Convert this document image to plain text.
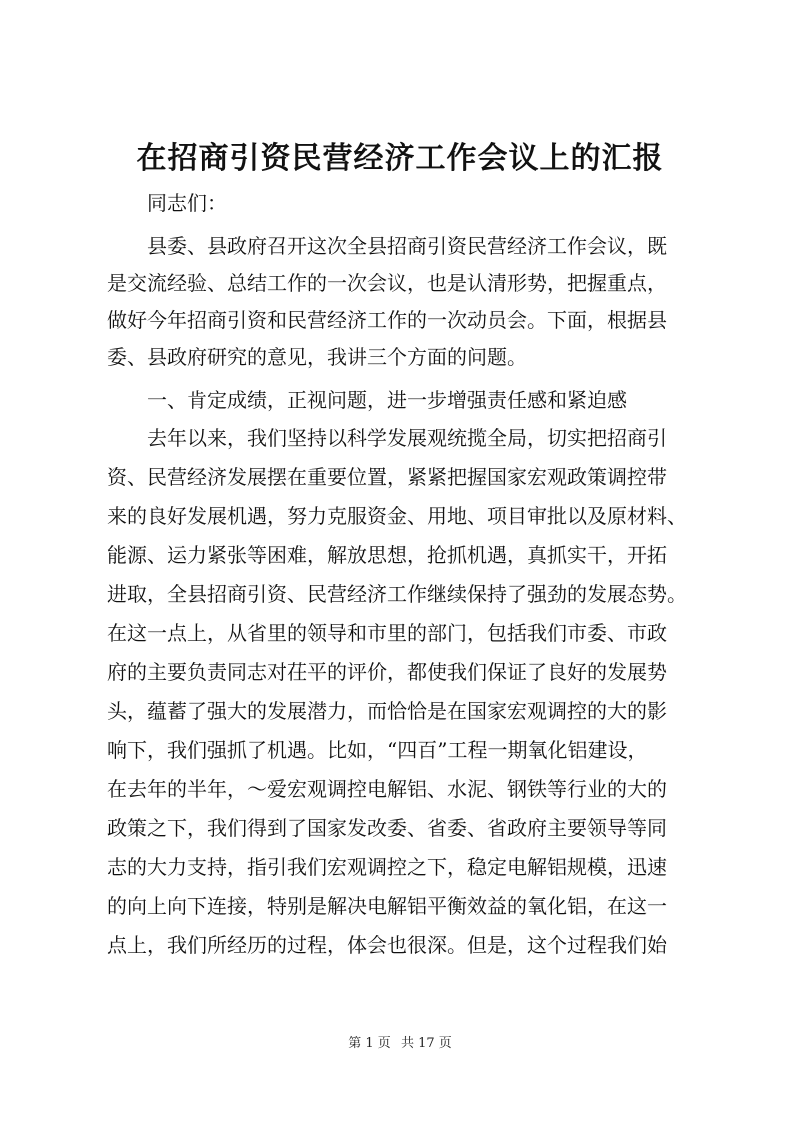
在招商引资民营经济工作会议上的汇报
　　同志们：
　　县委、县政府召开这次全县招商引资民营经济工作会议，既
是交流经验、总结工作的一次会议，也是认清形势，把握重点，
做好今年招商引资和民营经济工作的一次动员会。下面，根据县
委、县政府研究的意见，我讲三个方面的问题。
　　一、肯定成绩，正视问题，进一步增强责任感和紧迫感
　　去年以来，我们坚持以科学发展观统揽全局，切实把招商引
资、民营经济发展摆在重要位置，紧紧把握国家宏观政策调控带
来的良好发展机遇，努力克服资金、用地、项目审批以及原材料、
能源、运力紧张等困难，解放思想，抢抓机遇，真抓实干，开拓
进取，全县招商引资、民营经济工作继续保持了强劲的发展态势。
在这一点上，从省里的领导和市里的部门，包括我们市委、市政
府的主要负责同志对茌平的评价，都使我们保证了良好的发展势
头，蕴蓄了强大的发展潜力，而恰恰是在国家宏观调控的大的影
响下，我们强抓了机遇。比如，“四百”工程一期氧化铝建设，
在去年的半年，～爱宏观调控电解铝、水泥、钢铁等行业的大的
政策之下，我们得到了国家发改委、省委、省政府主要领导等同
志的大力支持，指引我们宏观调控之下，稳定电解铝规模，迅速
的向上向下连接，特别是解决电解铝平衡效益的氧化铝，在这一
点上，我们所经历的过程，体会也很深。但是，这个过程我们始
第 1 页 共 17 页
